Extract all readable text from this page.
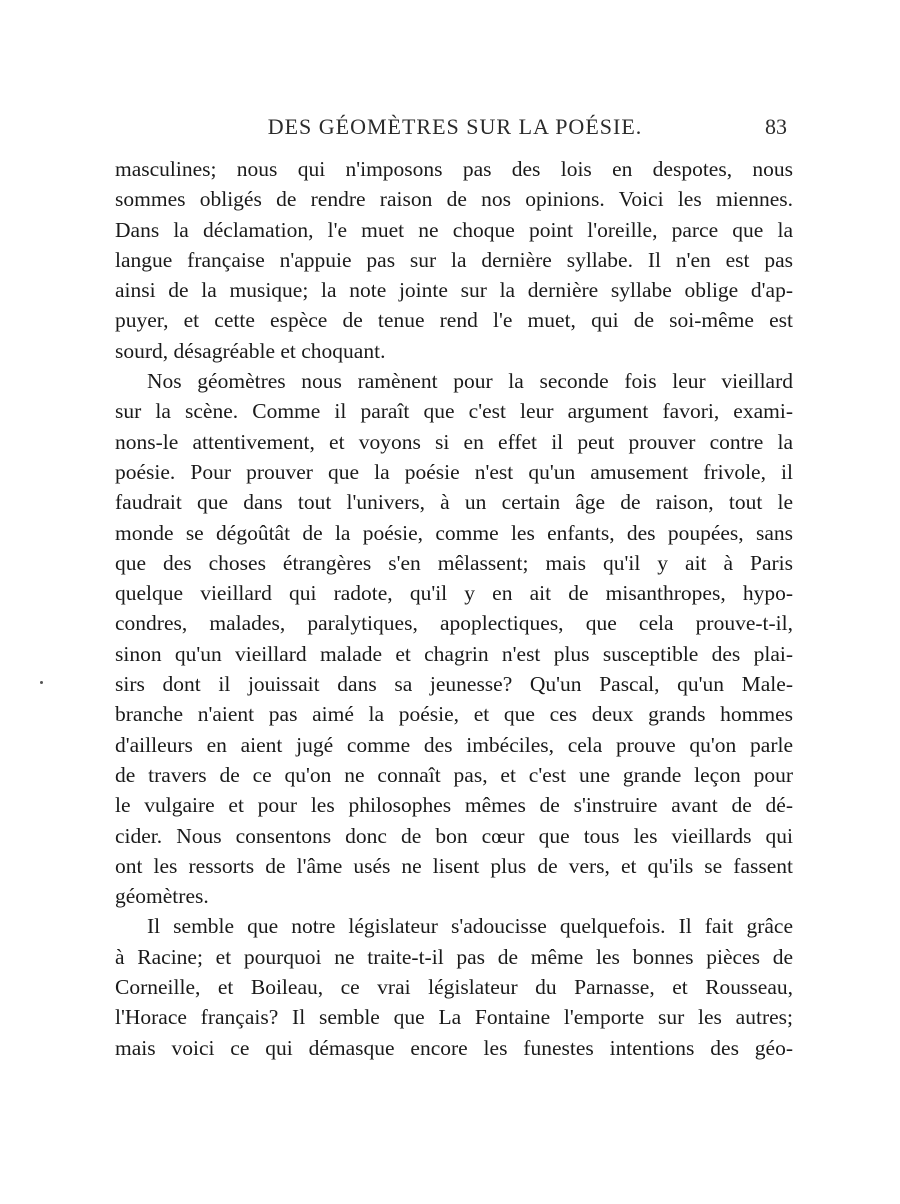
DES GÉOMÈTRES SUR LA POÉSIE.	83
masculines; nous qui n'imposons pas des lois en despotes, nous
sommes obligés de rendre raison de nos opinions. Voici les miennes.
Dans la déclamation, l'e muet ne choque point l'oreille, parce que la
langue française n'appuie pas sur la dernière syllabe. Il n'en est pas
ainsi de la musique; la note jointe sur la dernière syllabe oblige d'ap-
puyer, et cette espèce de tenue rend l'e muet, qui de soi-même est
sourd, désagréable et choquant.
Nos géomètres nous ramènent pour la seconde fois leur vieillard
sur la scène. Comme il paraît que c'est leur argument favori, exami-
nons-le attentivement, et voyons si en effet il peut prouver contre la
poésie. Pour prouver que la poésie n'est qu'un amusement frivole, il
faudrait que dans tout l'univers, à un certain âge de raison, tout le
monde se dégoûtât de la poésie, comme les enfants, des poupées, sans
que des choses étrangères s'en mêlassent; mais qu'il y ait à Paris
quelque vieillard qui radote, qu'il y en ait de misanthropes, hypo-
condres, malades, paralytiques, apoplectiques, que cela prouve-t-il,
sinon qu'un vieillard malade et chagrin n'est plus susceptible des plai-
sirs dont il jouissait dans sa jeunesse? Qu'un Pascal, qu'un Male-
branche n'aient pas aimé la poésie, et que ces deux grands hommes
d'ailleurs en aient jugé comme des imbéciles, cela prouve qu'on parle
de travers de ce qu'on ne connaît pas, et c'est une grande leçon pour
le vulgaire et pour les philosophes mêmes de s'instruire avant de dé-
cider. Nous consentons donc de bon cœur que tous les vieillards qui
ont les ressorts de l'âme usés ne lisent plus de vers, et qu'ils se fassent
géomètres.
Il semble que notre législateur s'adoucisse quelquefois. Il fait grâce
à Racine; et pourquoi ne traite-t-il pas de même les bonnes pièces de
Corneille, et Boileau, ce vrai législateur du Parnasse, et Rousseau,
l'Horace français? Il semble que La Fontaine l'emporte sur les autres;
mais voici ce qui démasque encore les funestes intentions des géo-
